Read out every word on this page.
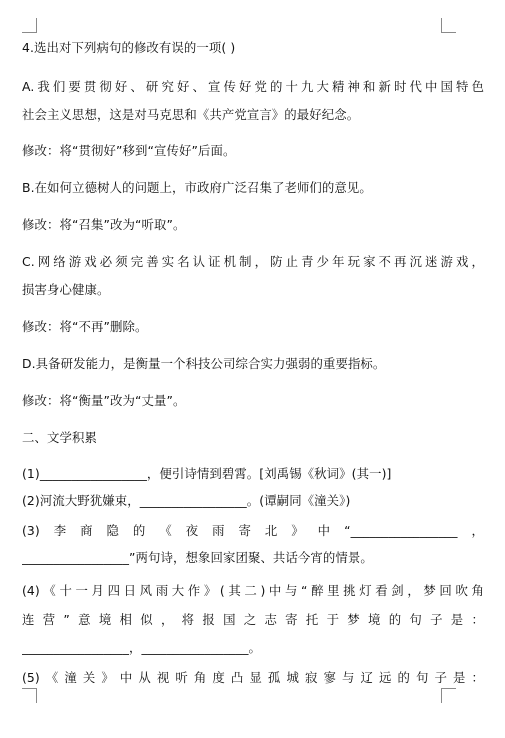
4.选出对下列病句的修改有误的一项( )
A.我们要贯彻好、研究好、宣传好党的十九大精神和新时代中国特色
社会主义思想，这是对马克思和《共产党宣言》的最好纪念。
修改：将“贯彻好”移到“宣传好”后面。
B.在如何立德树人的问题上，市政府广泛召集了老师们的意见。
修改：将“召集”改为“听取”。
C.网络游戏必须完善实名认证机制，防止青少年玩家不再沉迷游戏，
损害身心健康。
修改：将“不再”删除。
D.具备研发能力，是衡量一个科技公司综合实力强弱的重要指标。
修改：将“衡量”改为“丈量”。
二、文学积累
(1)_________________，便引诗情到碧霄。[刘禹锡《秋词》(其一)]
(2)河流大野犹嫌束，_________________。(谭嗣同《潼关》)
(3)李商隐的《夜雨寄北》中“_________________，
_________________”两句诗，想象回家团聚、共话今宵的情景。
(4)《十一月四日风雨大作》(其二)中与“醉里挑灯看剑，梦回吹角
连营”意境相似，将报国之志寄托于梦境的句子是：
_________________，_________________。
(5)《潼关》中从视听角度凸显孤城寂寥与辽远的句子是：
